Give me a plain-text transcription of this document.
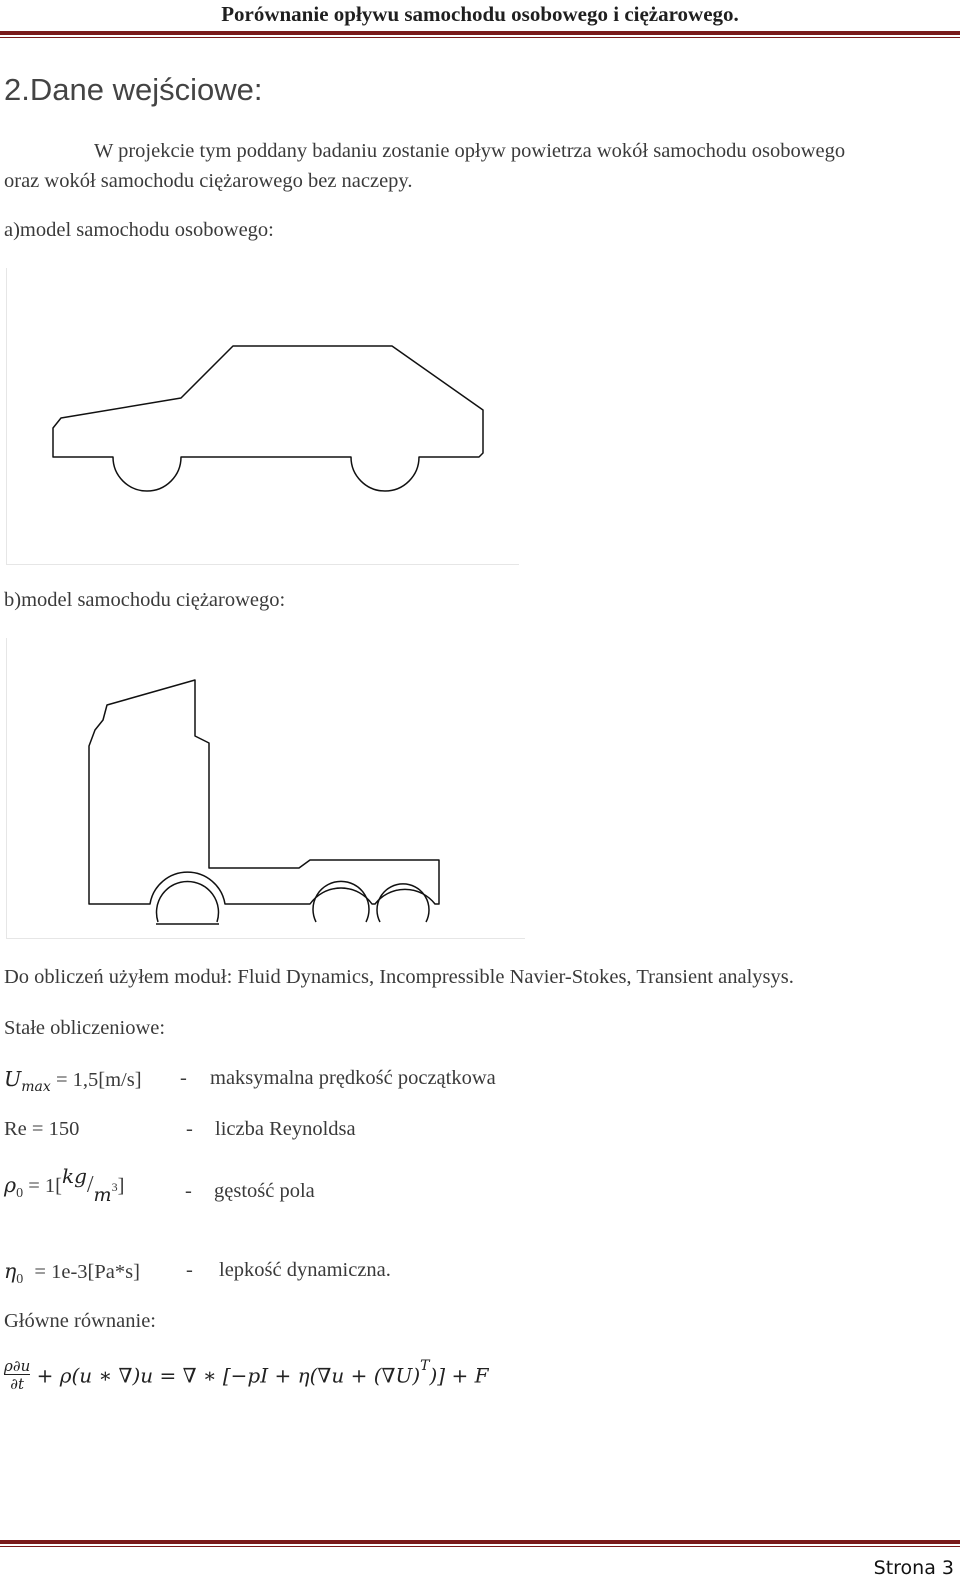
Porównanie opływu samochodu osobowego i ciężarowego.
2.Dane wejściowe:
W projekcie tym poddany badaniu zostanie opływ powietrza wokół samochodu osobowego
oraz wokół samochodu ciężarowego bez naczepy.
a)model samochodu osobowego:
b)model samochodu ciężarowego:
Do obliczeń użyłem moduł: Fluid Dynamics, Incompressible Navier-Stokes, Transient analysys.
Stałe obliczeniowe:
$U_{max} = 1,5[m/s]$ - maksymalna prędkość początkowa
Re = 150	- liczba Reynoldsa
$\rho_0 = 1[kg/m3]$	- gęstość pola
$\eta_0 = 1e-3[Pa*s]$ - lepkość dynamiczna.
Główne równanie:
$\frac{\rho\partial u}{\partial t} + \rho(u$ ∗ ∇)u = ∇ ∗ $[-pI + \eta(\nabla u + (\nabla U)^T)] + F$
Strona 3
